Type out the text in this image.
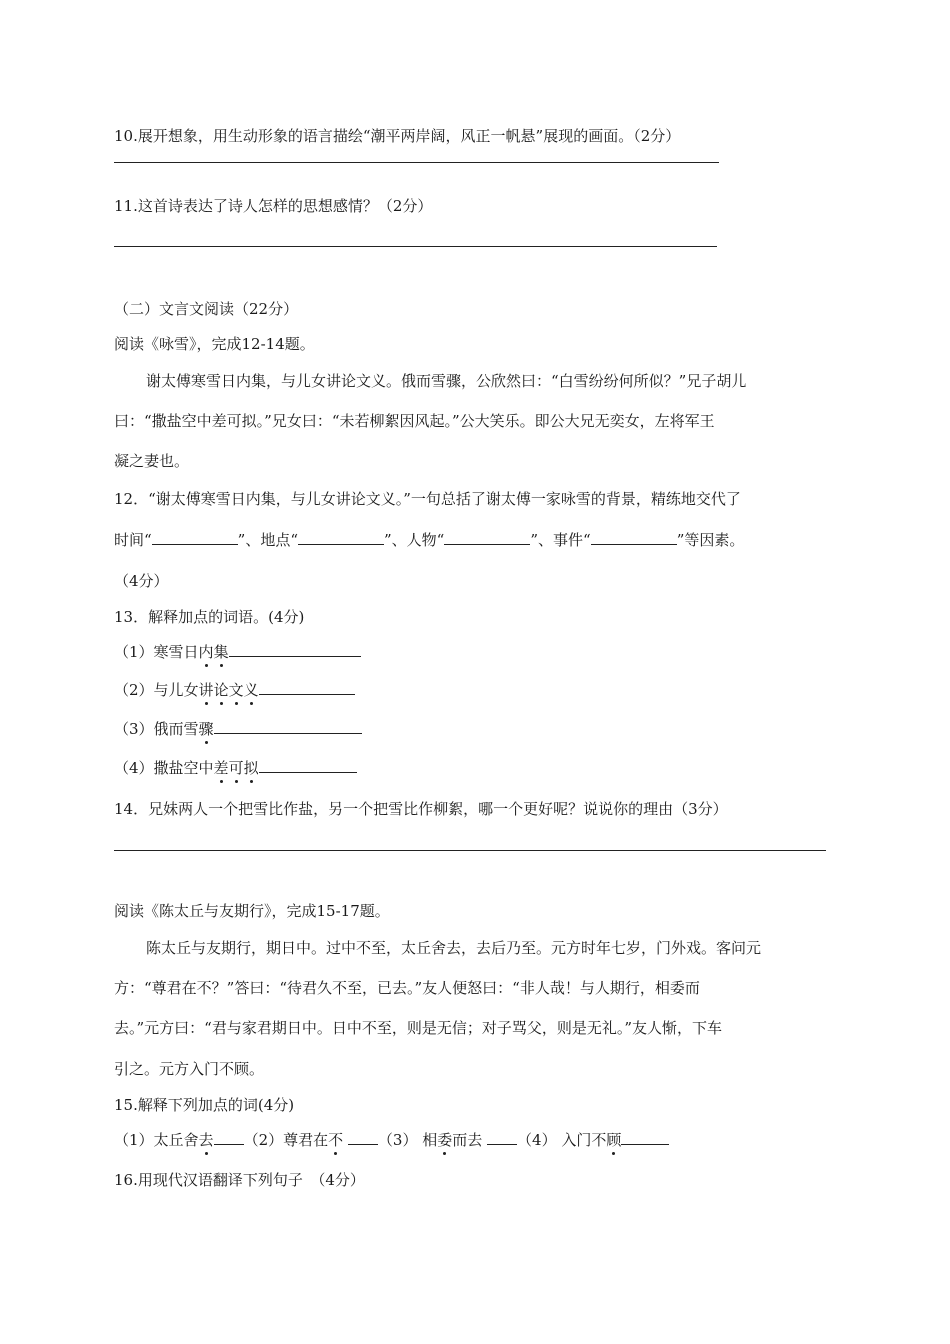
10.展开想象，用生动形象的语言描绘“潮平两岸阔，风正一帆悬”展现的画面。（2分）
11.这首诗表达了诗人怎样的思想感情？（2分）
（二）文言文阅读（22分）
阅读《咏雪》，完成12-14题。
谢太傅寒雪日内集，与儿女讲论文义。俄而雪骤，公欣然曰：“白雪纷纷何所似？”兄子胡儿
曰：“撒盐空中差可拟。”兄女曰：“未若柳絮因风起。”公大笑乐。即公大兄无奕女，左将军王
凝之妻也。
12．“谢太傅寒雪日内集，与儿女讲论文义。”一句总括了谢太傅一家咏雪的背景，精练地交代了
时间“	”、地点“	”、人物“	”、事件“	”等因素。
（4分）
13．解释加点的词语。(4分)
（1）寒雪日内集
（2）与儿女讲论文义
（3）俄而雪骤
（4）撒盐空中差可拟
14．兄妹两人一个把雪比作盐，另一个把雪比作柳絮，哪一个更好呢？说说你的理由（3分）
阅读《陈太丘与友期行》，完成15-17题。
陈太丘与友期行，期日中。过中不至，太丘舍去，去后乃至。元方时年七岁，门外戏。客问元
方：“尊君在不？”答曰：“待君久不至，已去。”友人便怒曰：“非人哉！与人期行，相委而
去。”元方曰：“君与家君期日中。日中不至，则是无信；对子骂父，则是无礼。”友人惭，下车
引之。元方入门不顾。
15.解释下列加点的词(4分)
（1）太丘舍去 （2）尊君在不 （3） 相委而去 （4） 入门不顾
16.用现代汉语翻译下列句子　（4分）
